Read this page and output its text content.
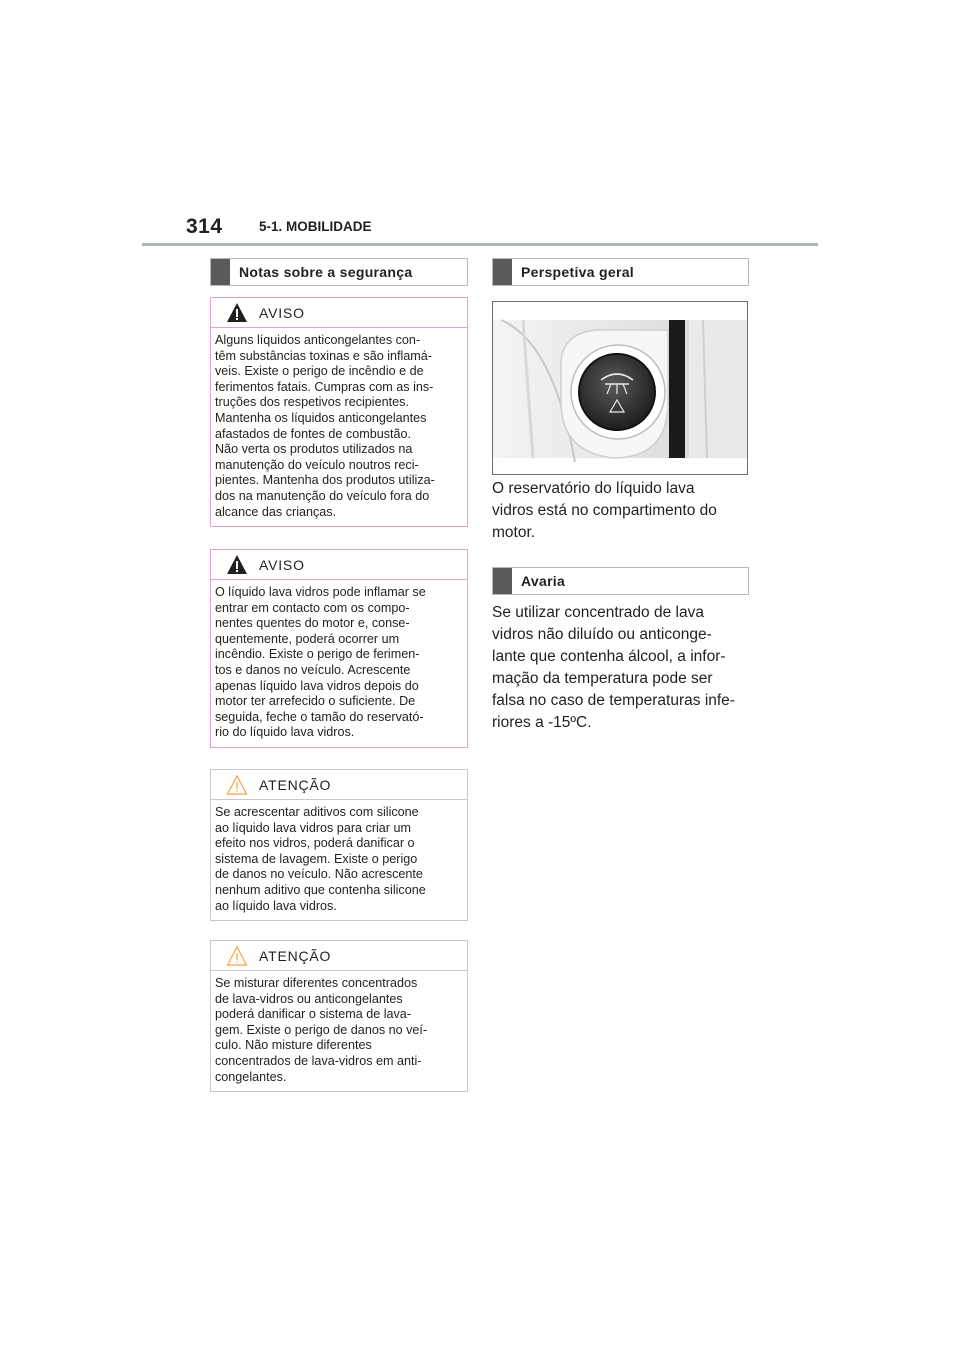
314	5-1. MOBILIDADE
Notas sobre a segurança
AVISO
Alguns líquidos anticongelantes con-
têm substâncias toxinas e são inflamá-
veis. Existe o perigo de incêndio e de
ferimentos fatais. Cumpras com as ins-
truções dos respetivos recipientes.
Mantenha os líquidos anticongelantes
afastados de fontes de combustão.
Não verta os produtos utilizados na
manutenção do veículo noutros reci-
pientes. Mantenha dos produtos utiliza-
dos na manutenção do veículo fora do
alcance das crianças.
AVISO
O líquido lava vidros pode inflamar se
entrar em contacto com os compo-
nentes quentes do motor e, conse-
quentemente, poderá ocorrer um
incêndio. Existe o perigo de ferimen-
tos e danos no veículo. Acrescente
apenas líquido lava vidros depois do
motor ter arrefecido o suficiente. De
seguida, feche o tamão do reservató-
rio do líquido lava vidros.
ATENÇÃO
Se acrescentar aditivos com silicone
ao líquido lava vidros para criar um
efeito nos vidros, poderá danificar o
sistema de lavagem. Existe o perigo
de danos no veículo. Não acrescente
nenhum aditivo que contenha silicone
ao líquido lava vidros.
ATENÇÃO
Se misturar diferentes concentrados
de lava-vidros ou anticongelantes
poderá danificar o sistema de lava-
gem. Existe o perigo de danos no veí-
culo. Não misture diferentes
concentrados de lava-vidros em anti-
congelantes.
Perspetiva geral
O reservatório do líquido lava
vidros está no compartimento do
motor.
Avaria
Se utilizar concentrado de lava
vidros não diluído ou anticonge-
lante que contenha álcool, a infor-
mação da temperatura pode ser
falsa no caso de temperaturas infe-
riores a -15ºC.
